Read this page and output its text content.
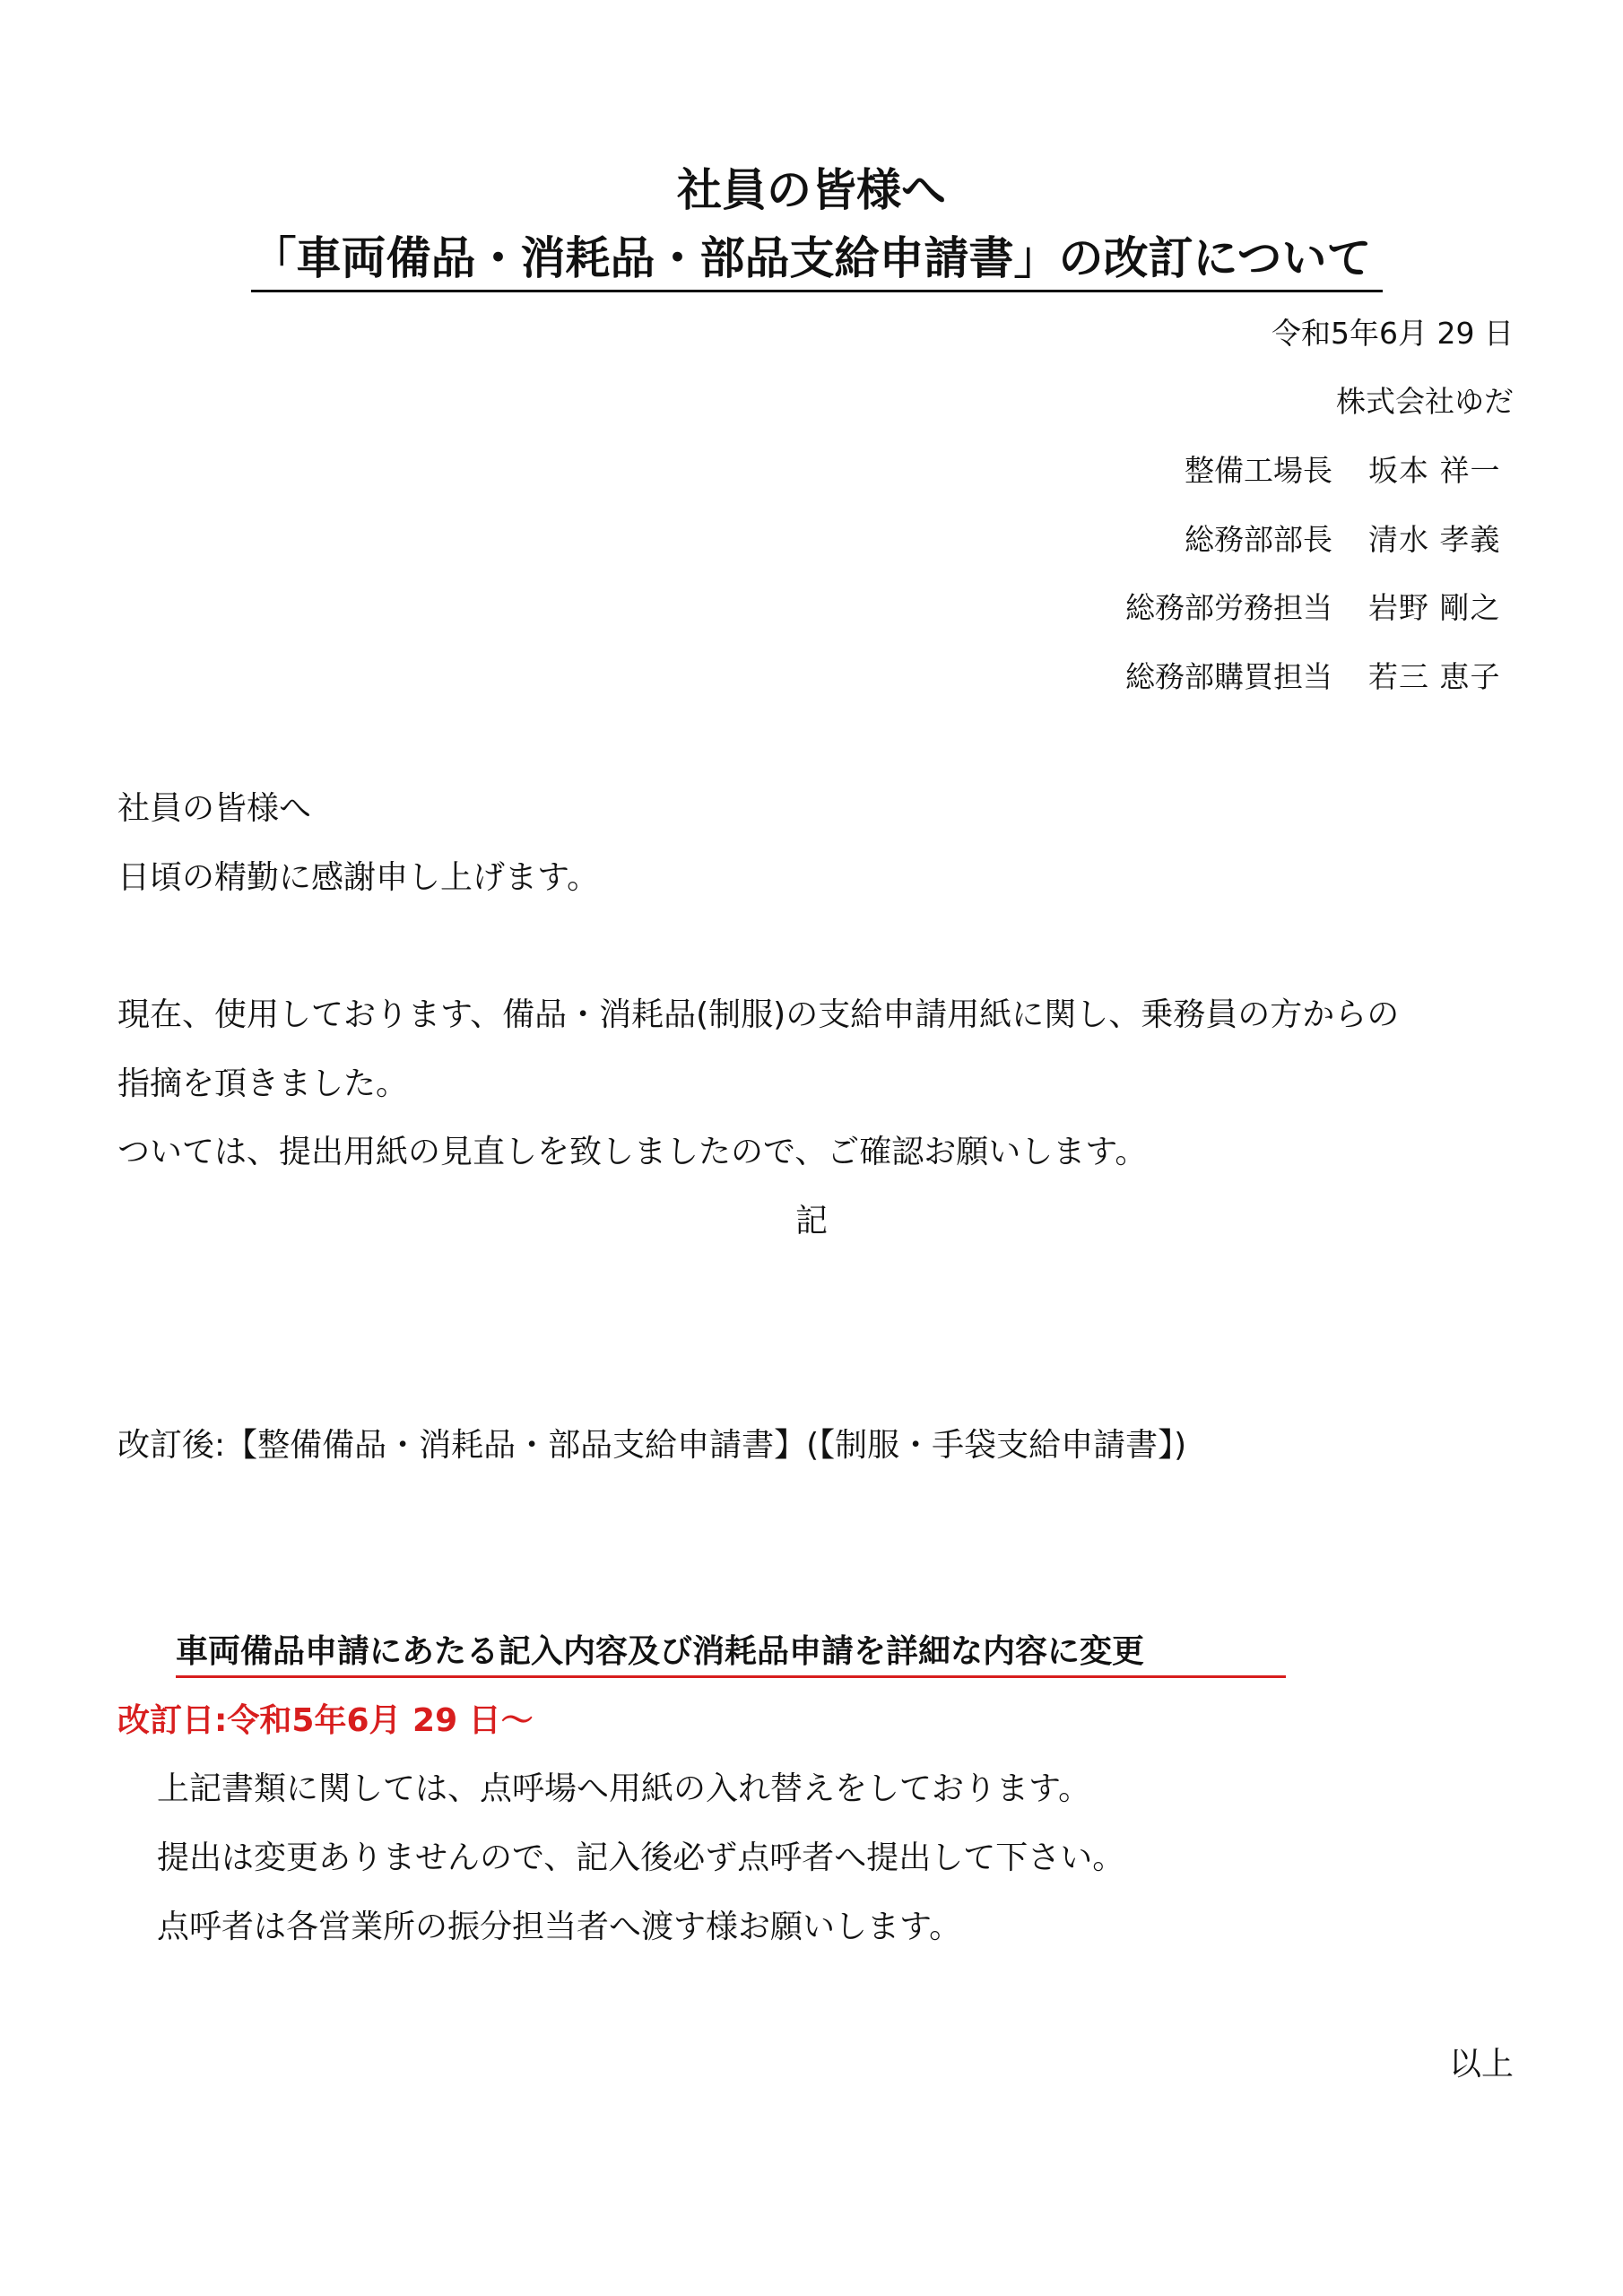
社員の皆様へ
「車両備品・消耗品・部品支給申請書」の改訂について
令和5年6月 29 日
株式会社ゆだ
整備工場長 坂本 祥一
総務部部長 清水 孝義
総務部労務担当 岩野 剛之
総務部購買担当 若三 恵子
社員の皆様へ
日頃の精勤に感謝申し上げます。
現在、使用しております、備品・消耗品(制服)の支給申請用紙に関し、乗務員の方からの
指摘を頂きました。
ついては、提出用紙の見直しを致しましたので、ご確認お願いします。
記
改訂後:【整備備品・消耗品・部品支給申請書】(【制服・手袋支給申請書】)
車両備品申請にあたる記入内容及び消耗品申請を詳細な内容に変更
改訂日:令和5年6月 29 日～
上記書類に関しては、点呼場へ用紙の入れ替えをしております。
提出は変更ありませんので、記入後必ず点呼者へ提出して下さい。
点呼者は各営業所の振分担当者へ渡す様お願いします。
以上
